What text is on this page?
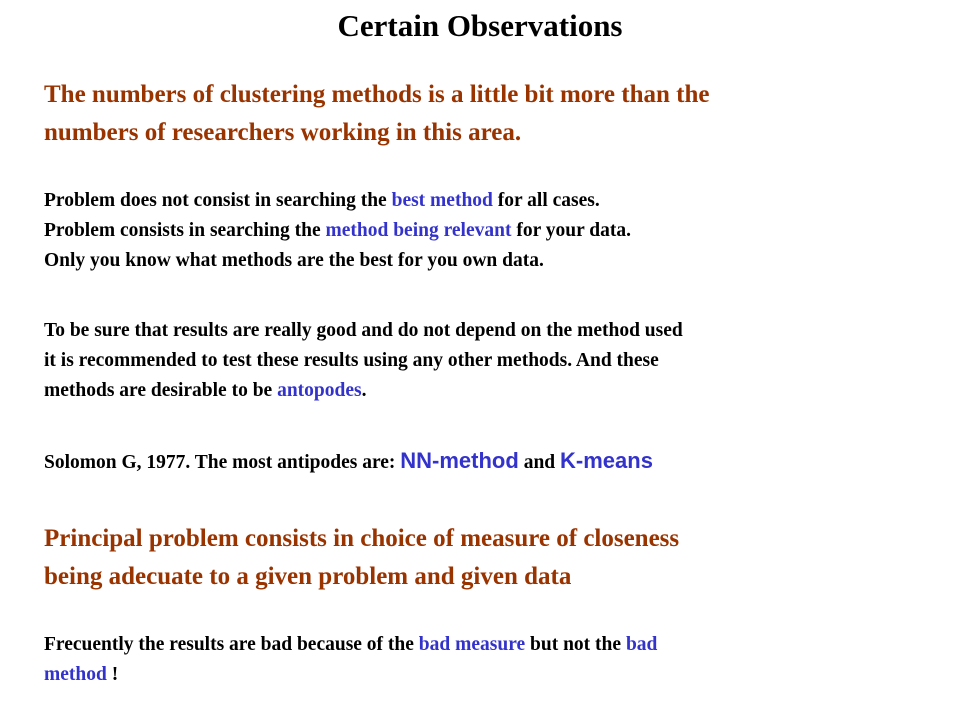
Certain Observations
The numbers of clustering methods is a little bit more than the
numbers of researchers working in this area.
Problem does not consist in searching the best method for all cases.
Problem consists in searching the method being relevant for your data.
Only you know what methods are the best for you own data.
To be sure that results are really good and do not depend on the method used
it is recommended to test these results using any other methods. And these
methods are desirable to be antopodes.
Solomon G, 1977. The most antipodes are: NN-method and K-means
Principal problem consists in choice of measure of closeness
being adecuate to a given problem and given data
Frecuently the results are bad because of the bad measure but not the bad
method !
